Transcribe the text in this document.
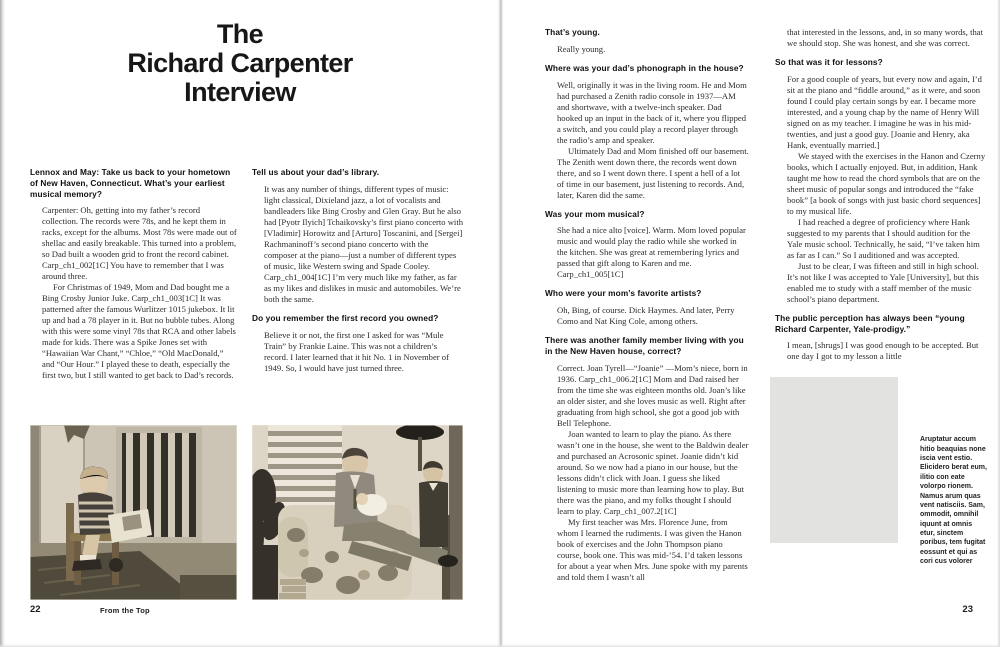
The
Richard Carpenter
Interview
Lennox and May: Take us back to your hometown of New Haven, Connecticut. What’s your earliest musical memory?

Carpenter: Oh, getting into my father’s record collection. The records were 78s, and he kept them in racks, except for the albums. Most 78s were made out of shellac and easily breakable. This turned into a problem, so Dad built a wooden grid to front the record cabinet. Carp_ch1_002[1C] You have to remember that I was around three.

For Christmas of 1949, Mom and Dad bought me a Bing Crosby Junior Juke. Carp_ch1_003[1C] It was patterned after the famous Wurlitzer 1015 jukebox. It lit up and had a 78 player in it. But no bubble tubes. Along with this were some vinyl 78s that RCA and other labels made for kids. There was a Spike Jones set with “Hawaiian War Chant,” “Chloe,” “Old MacDonald,” and “Our Hour.” I played these to death, especially the first two, but I still wanted to get back to Dad’s records.

Tell us about your dad’s library.

It was any number of things, different types of music: light classical, Dixieland jazz, a lot of vocalists and bandleaders like Bing Crosby and Glen Gray. But he also had [Pyotr Ilyich] Tchaikovsky’s first piano concerto with [Vladimir] Horowitz and [Arturo] Toscanini, and [Sergei] Rachmaninoff’s second piano concerto with the composer at the piano—just a number of different types of music, like Western swing and Spade Cooley. Carp_ch1_004[1C] I’m very much like my father, as far as my likes and dislikes in music and automobiles. We’re both the same.

Do you remember the first record you owned?

Believe it or not, the first one I asked for was “Mule Train” by Frankie Laine. This was not a children’s record. I later learned that it hit No. 1 in November of 1949. So, I would have just turned three.

22	From the Top
That’s young.

Really young.

Where was your dad’s phonograph in the house?

Well, originally it was in the living room. He and Mom had purchased a Zenith radio console in 1937—AM and shortwave, with a twelve-inch speaker. Dad hooked up an input in the back of it, where you flipped a switch, and you could play a record player through the radio’s amp and speaker.

Ultimately Dad and Mom finished off our basement. The Zenith went down there, the records went down there, and so I went down there. I spent a hell of a lot of time in our basement, just listening to records. And, later, Karen did the same.

Was your mom musical?

She had a nice alto [voice]. Warm. Mom loved popular music and would play the radio while she worked in the kitchen. She was great at remembering lyrics and passed that gift along to Karen and me. Carp_ch1_005[1C]

Who were your mom’s favorite artists?

Oh, Bing, of course. Dick Haymes. And later, Perry Como and Nat King Cole, among others.

There was another family member living with you in the New Haven house, correct?

Correct. Joan Tyrell—“Joanie” —Mom’s niece, born in 1936. Carp_ch1_006.2[1C] Mom and Dad raised her from the time she was eighteen months old. Joan’s like an older sister, and she loves music as well. Right after graduating from high school, she got a good job with Bell Telephone.

Joan wanted to learn to play the piano. As there wasn’t one in the house, she went to the Baldwin dealer and purchased an Acrosonic spinet. Joanie didn’t kid around. So we now had a piano in our house, but the lessons didn’t click with Joan. I guess she liked listening to music more than learning how to play. But there was the piano, and my folks thought I should learn to play. Carp_ch1_007.2[1C]

My first teacher was Mrs. Florence June, from whom I learned the rudiments. I was given the Hanon book of exercises and the John Thompson piano course, book one. This was mid-’54. I’d taken lessons for about a year when Mrs. June spoke with my parents and told them I wasn’t all

that interested in the lessons, and, in so many words, that we should stop. She was honest, and she was correct.

So that was it for lessons?

For a good couple of years, but every now and again, I’d sit at the piano and “fiddle around,” as it were, and soon found I could play certain songs by ear. I became more interested, and a young chap by the name of Henry Will signed on as my teacher. I imagine he was in his mid-twenties, and just a good guy. [Joanie and Henry, aka Hank, eventually married.]

We stayed with the exercises in the Hanon and Czerny books, which I actually enjoyed. But, in addition, Hank taught me how to read the chord symbols that are on the sheet music of popular songs and introduced the “fake book” [a book of songs with just basic chord sequences] to my musical life.

I had reached a degree of proficiency where Hank suggested to my parents that I should audition for the Yale music school. Technically, he said, “I’ve taken him as far as I can.” So I auditioned and was accepted.

Just to be clear, I was fifteen and still in high school. It’s not like I was accepted to Yale [University], but this enabled me to study with a staff member of the music school’s piano department.

The public perception has always been “young Richard Carpenter, Yale-prodigy.”

I mean, [shrugs] I was good enough to be accepted. But one day I got to my lesson a little

Aruptatur accum hitio beaquias none iscia vent estio. Elicidero berat eum, ilitio con eate volorpo rionem. Namus arum quas vent natisciis. Sam, ommodit, omnihil iquunt at omnis etur, sinctem poribus, tem fugitat eossunt et qui as cori cus volorer
23
